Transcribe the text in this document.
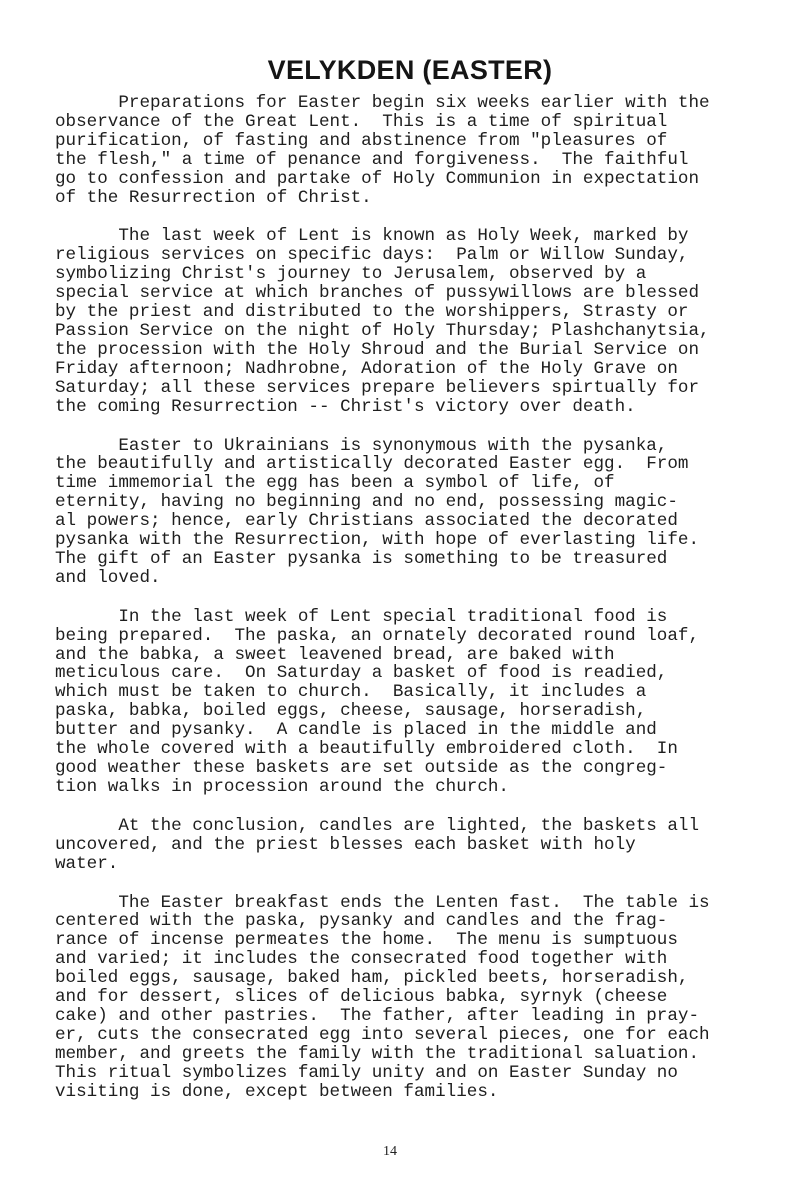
VELYKDEN (EASTER)

Preparations for Easter begin six weeks earlier with the
observance of the Great Lent.  This is a time of spiritual
purification, of fasting and abstinence from "pleasures of
the flesh," a time of penance and forgiveness.  The faithful
go to confession and partake of Holy Communion in expectation
of the Resurrection of Christ.

The last week of Lent is known as Holy Week, marked by
religious services on specific days:  Palm or Willow Sunday,
symbolizing Christ's journey to Jerusalem, observed by a
special service at which branches of pussywillows are blessed
by the priest and distributed to the worshippers, Strasty or
Passion Service on the night of Holy Thursday; Plashchanytsia,
the procession with the Holy Shroud and the Burial Service on
Friday afternoon; Nadhrobne, Adoration of the Holy Grave on
Saturday; all these services prepare believers spirtually for
the coming Resurrection -- Christ's victory over death.

Easter to Ukrainians is synonymous with the pysanka,
the beautifully and artistically decorated Easter egg.  From
time immemorial the egg has been a symbol of life, of
eternity, having no beginning and no end, possessing magic-
al powers; hence, early Christians associated the decorated
pysanka with the Resurrection, with hope of everlasting life.
The gift of an Easter pysanka is something to be treasured
and loved.

In the last week of Lent special traditional food is
being prepared.  The paska, an ornately decorated round loaf,
and the babka, a sweet leavened bread, are baked with
meticulous care.  On Saturday a basket of food is readied,
which must be taken to church.  Basically, it includes a
paska, babka, boiled eggs, cheese, sausage, horseradish,
butter and pysanky.  A candle is placed in the middle and
the whole covered with a beautifully embroidered cloth.  In
good weather these baskets are set outside as the congreg-
tion walks in procession around the church.

At the conclusion, candles are lighted, the baskets all
uncovered, and the priest blesses each basket with holy
water.

The Easter breakfast ends the Lenten fast.  The table is
centered with the paska, pysanky and candles and the frag-
rance of incense permeates the home.  The menu is sumptuous
and varied; it includes the consecrated food together with
boiled eggs, sausage, baked ham, pickled beets, horseradish,
and for dessert, slices of delicious babka, syrnyk (cheese
cake) and other pastries.  The father, after leading in pray-
er, cuts the consecrated egg into several pieces, one for each
member, and greets the family with the traditional saluation.
This ritual symbolizes family unity and on Easter Sunday no
visiting is done, except between families.

14
